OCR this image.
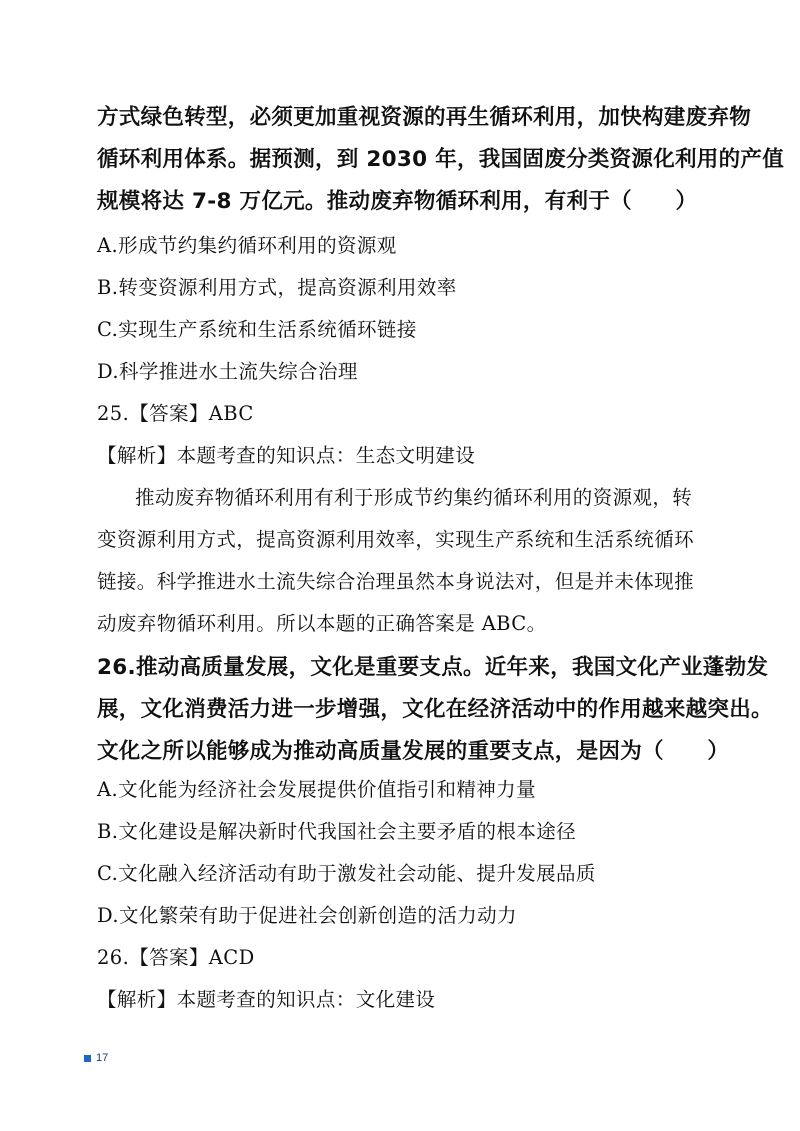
方式绿色转型，必须更加重视资源的再生循环利用，加快构建废弃物
循环利用体系。据预测，到 2030 年，我国固废分类资源化利用的产值
规模将达 7-8 万亿元。推动废弃物循环利用，有利于（　　）
A.形成节约集约循环利用的资源观
B.转变资源利用方式，提高资源利用效率
C.实现生产系统和生活系统循环链接
D.科学推进水土流失综合治理
25.【答案】ABC
【解析】本题考查的知识点：生态文明建设
推动废弃物循环利用有利于形成节约集约循环利用的资源观，转
变资源利用方式，提高资源利用效率，实现生产系统和生活系统循环
链接。科学推进水土流失综合治理虽然本身说法对，但是并未体现推
动废弃物循环利用。所以本题的正确答案是 ABC。
26.推动高质量发展，文化是重要支点。近年来，我国文化产业蓬勃发
展，文化消费活力进一步增强，文化在经济活动中的作用越来越突出。
文化之所以能够成为推动高质量发展的重要支点，是因为（　　）
A.文化能为经济社会发展提供价值指引和精神力量
B.文化建设是解决新时代我国社会主要矛盾的根本途径
C.文化融入经济活动有助于激发社会动能、提升发展品质
D.文化繁荣有助于促进社会创新创造的活力动力
26.【答案】ACD
【解析】本题考查的知识点：文化建设
17
